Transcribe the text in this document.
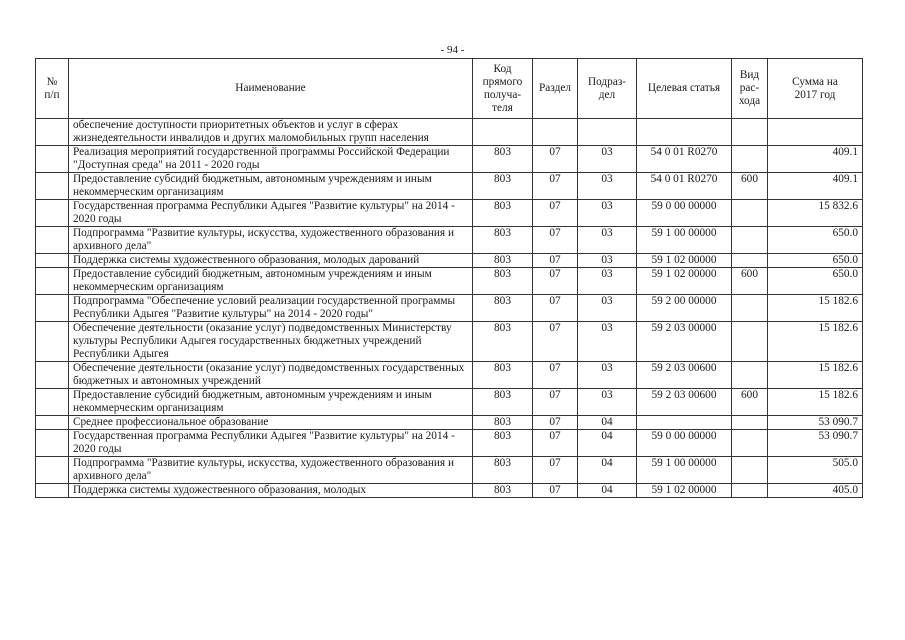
- 94 -
№
п/п	Наименование	Код
прямого
получа-
теля	Раздел	Подраз-
дел	Целевая статья	Вид
рас-
хода	Сумма на
2017 год
	обеспечение доступности приоритетных объектов и услуг в сферах жизнедеятельности инвалидов и других маломобильных групп населения						
	Реализация мероприятий государственной программы Российской Федерации "Доступная среда" на 2011 - 2020 годы	803	07	03	54 0 01 R0270		409.1
	Предоставление субсидий бюджетным, автономным учреждениям и иным некоммерческим организациям	803	07	03	54 0 01 R0270	600	409.1
	Государственная программа Республики Адыгея "Развитие культуры" на 2014 - 2020 годы	803	07	03	59 0 00 00000		15 832.6
	Подпрограмма "Развитие культуры, искусства, художественного образования и архивного дела"	803	07	03	59 1 00 00000		650.0
	Поддержка системы художественного образования, молодых дарований	803	07	03	59 1 02 00000		650.0
	Предоставление субсидий бюджетным, автономным учреждениям и иным некоммерческим организациям	803	07	03	59 1 02 00000	600	650.0
	Подпрограмма "Обеспечение условий реализации государственной программы Республики Адыгея "Развитие культуры" на 2014 - 2020 годы"	803	07	03	59 2 00 00000		15 182.6
	Обеспечение деятельности (оказание услуг) подведомственных Министерству культуры Республики Адыгея государственных бюджетных учреждений Республики Адыгея	803	07	03	59 2 03 00000		15 182.6
	Обеспечение деятельности (оказание услуг) подведомственных государственных бюджетных и автономных учреждений	803	07	03	59 2 03 00600		15 182.6
	Предоставление субсидий бюджетным, автономным учреждениям и иным некоммерческим организациям	803	07	03	59 2 03 00600	600	15 182.6
	Среднее профессиональное образование	803	07	04			53 090.7
	Государственная программа Республики Адыгея "Развитие культуры" на 2014 - 2020 годы	803	07	04	59 0 00 00000		53 090.7
	Подпрограмма "Развитие культуры, искусства, художественного образования и архивного дела"	803	07	04	59 1 00 00000		505.0
	Поддержка системы художественного образования, молодых	803	07	04	59 1 02 00000		405.0
